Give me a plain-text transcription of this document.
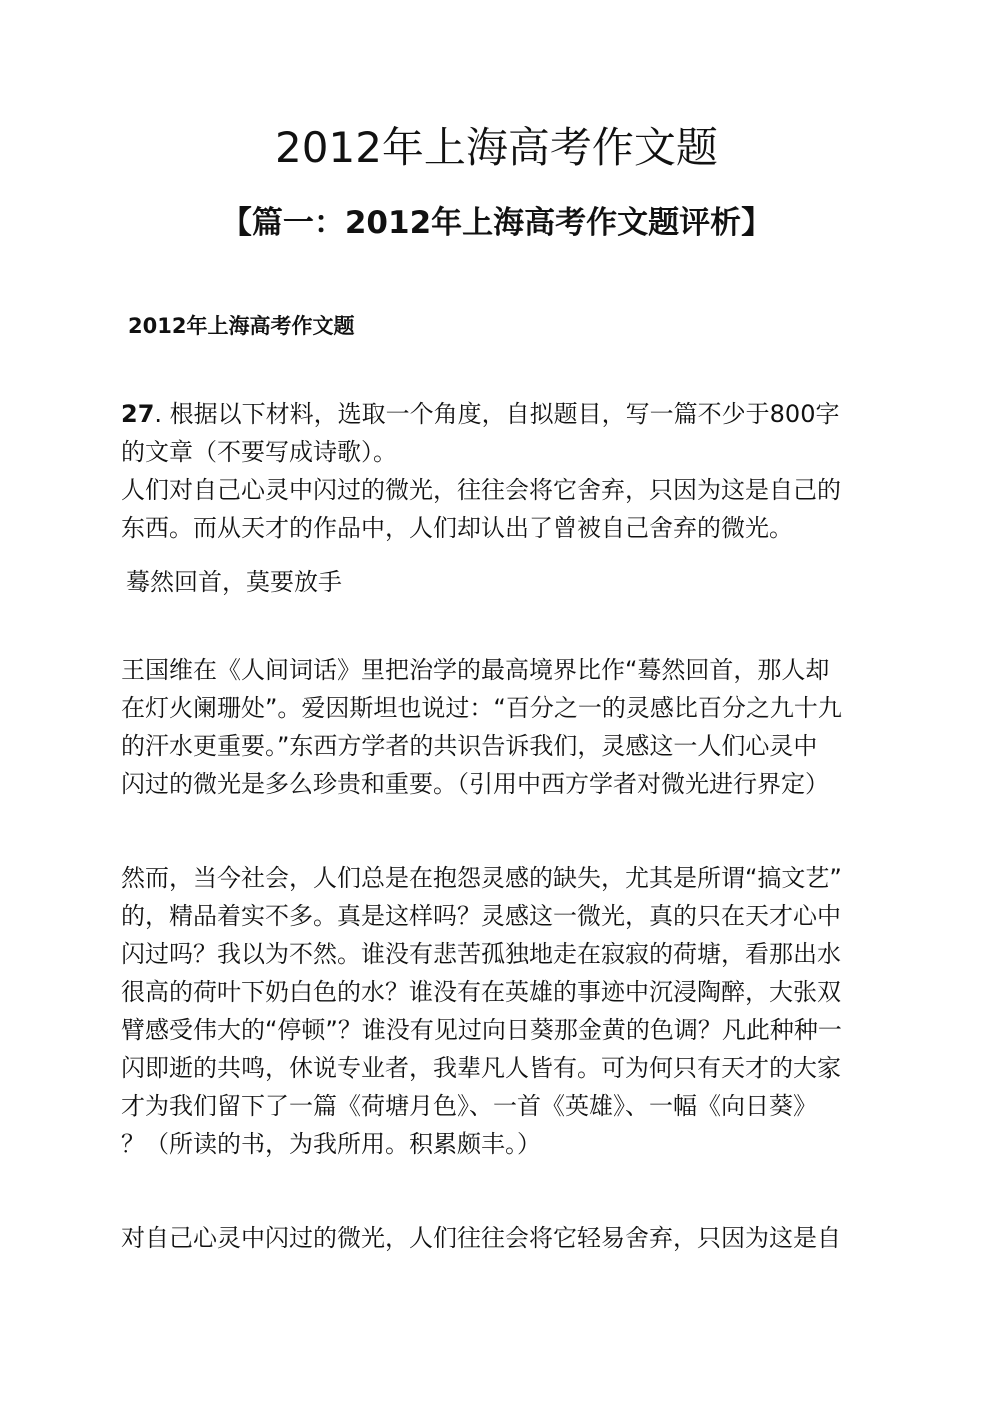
2012年上海高考作文题
【篇一：2012年上海高考作文题评析】
2012年上海高考作文题
27. 根据以下材料，选取一个角度，自拟题目，写一篇不少于800字
的文章（不要写成诗歌）。
人们对自己心灵中闪过的微光，往往会将它舍弃，只因为这是自己的
东西。而从天才的作品中，人们却认出了曾被自己舍弃的微光。
蓦然回首，莫要放手
王国维在《人间词话》里把治学的最高境界比作“蓦然回首，那人却
在灯火阑珊处”。爱因斯坦也说过：“百分之一的灵感比百分之九十九
的汗水更重要。”东西方学者的共识告诉我们，灵感这一人们心灵中
闪过的微光是多么珍贵和重要。（引用中西方学者对微光进行界定）
然而，当今社会，人们总是在抱怨灵感的缺失，尤其是所谓“搞文艺”
的，精品着实不多。真是这样吗？灵感这一微光，真的只在天才心中
闪过吗？我以为不然。谁没有悲苦孤独地走在寂寂的荷塘，看那出水
很高的荷叶下奶白色的水？谁没有在英雄的事迹中沉浸陶醉，大张双
臂感受伟大的“停顿”？谁没有见过向日葵那金黄的色调？凡此种种一
闪即逝的共鸣，休说专业者，我辈凡人皆有。可为何只有天才的大家
才为我们留下了一篇《荷塘月色》、一首《英雄》、一幅《向日葵》
？（所读的书，为我所用。积累颇丰。）
对自己心灵中闪过的微光，人们往往会将它轻易舍弃，只因为这是自
